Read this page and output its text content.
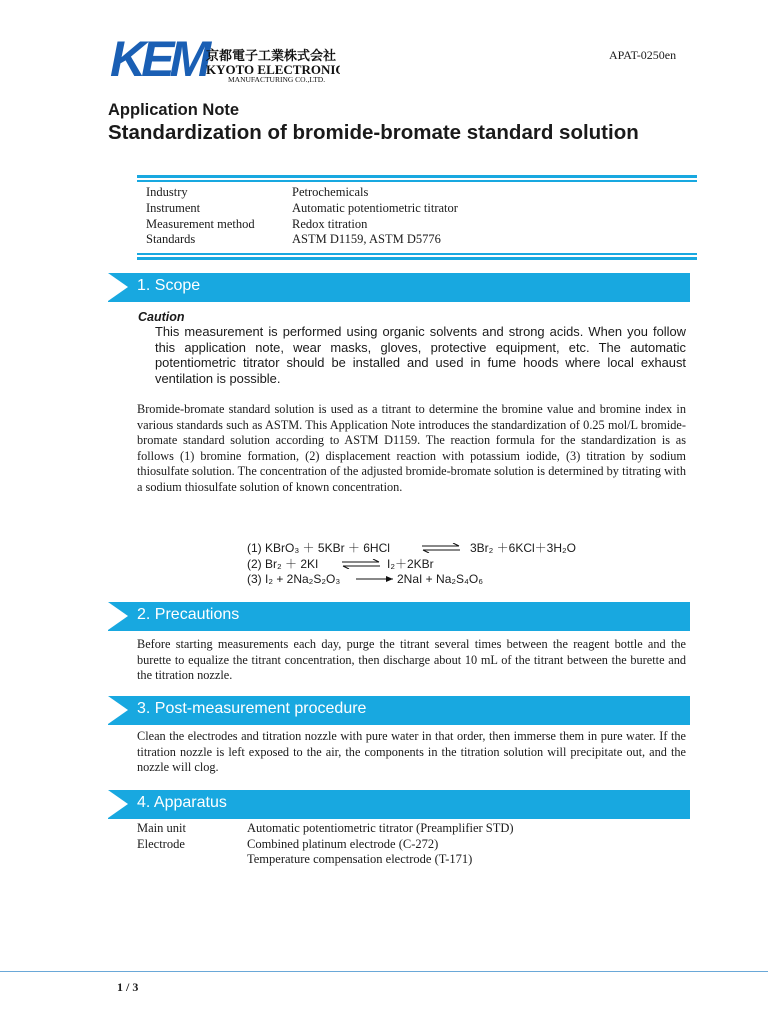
KEM 京都電子工業株式会社
KYOTO ELECTRONICS
MANUFACTURING CO.,LTD.
APAT-0250en
Application Note
Standardization of bromide-bromate standard solution
Industry	Petrochemicals
Instrument	Automatic potentiometric titrator
Measurement method	Redox titration
Standards	ASTM D1159, ASTM D5776
1. Scope
Caution
This measurement is performed using organic solvents and strong acids. When you follow this application note, wear masks, gloves, protective equipment, etc. The automatic potentiometric titrator should be installed and used in fume hoods where local exhaust ventilation is possible.
Bromide-bromate standard solution is used as a titrant to determine the bromine value and bromine index in various standards such as ASTM. This Application Note introduces the standardization of 0.25 mol/L bromide-bromate standard solution according to ASTM D1159. The reaction formula for the standardization is as follows (1) bromine formation, (2) displacement reaction with potassium iodide, (3) titration by sodium thiosulfate solution. The concentration of the adjusted bromide-bromate solution is determined by titrating with a sodium thiosulfate solution of known concentration.
(1) KBrO₃ ＋ 5KBr ＋ 6HCl	⇌ 3Br₂ ＋6KCl＋3H₂O
(2) Br₂ ＋ 2KI ⇌ I₂＋2KBr
(3) I₂ + 2Na₂S₂O₃ → 2NaI + Na₂S₄O₆
2. Precautions
Before starting measurements each day, purge the titrant several times between the reagent bottle and the burette to equalize the titrant concentration, then discharge about 10 mL of the titrant between the burette and the titration nozzle.
3. Post-measurement procedure
Clean the electrodes and titration nozzle with pure water in that order, then immerse them in pure water. If the titration nozzle is left exposed to the air, the components in the titration solution will precipitate out, and the nozzle will clog.
4. Apparatus
Main unit	Automatic potentiometric titrator (Preamplifier STD)
Electrode	Combined platinum electrode (C-272)
Temperature compensation electrode (T-171)
1 / 3
